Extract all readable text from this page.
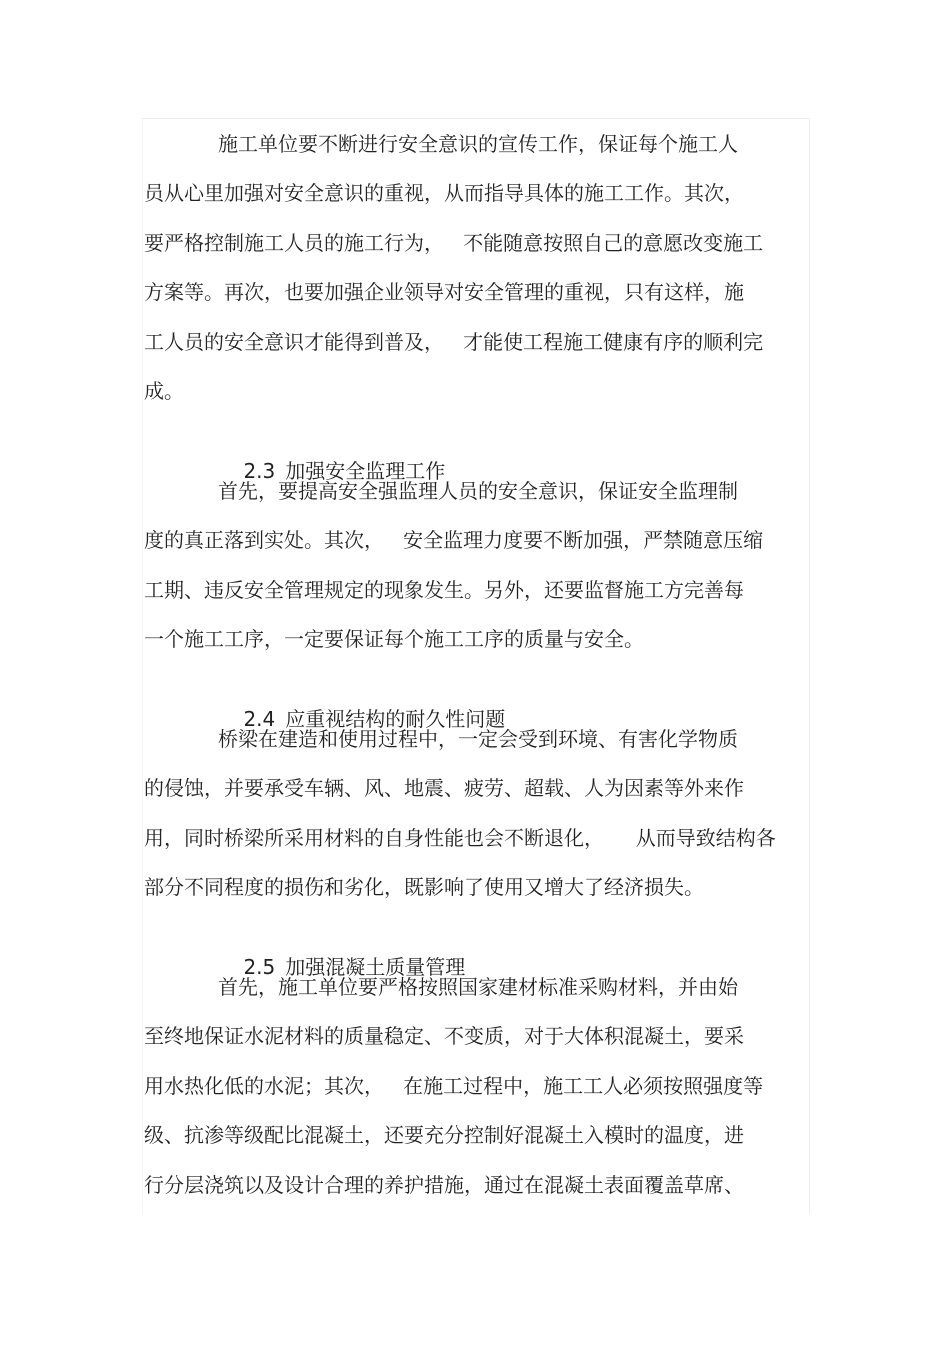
施工单位要不断进行安全意识的宣传工作，保证每个施工人
员从心里加强对安全意识的重视，从而指导具体的施工工作。其次，
要严格控制施工人员的施工行为，   不能随意按照自己的意愿改变施工
方案等。再次，也要加强企业领导对安全管理的重视，只有这样，施
工人员的安全意识才能得到普及，   才能使工程施工健康有序的顺利完
成。

2.3 加强安全监理工作

首先，要提高安全强监理人员的安全意识，保证安全监理制
度的真正落到实处。其次，   安全监理力度要不断加强，严禁随意压缩
工期、违反安全管理规定的现象发生。另外，还要监督施工方完善每
一个施工工序，一定要保证每个施工工序的质量与安全。

2.4 应重视结构的耐久性问题

桥梁在建造和使用过程中，一定会受到环境、有害化学物质
的侵蚀，并要承受车辆、风、地震、疲劳、超载、人为因素等外来作
用，同时桥梁所采用材料的自身性能也会不断退化，     从而导致结构各
部分不同程度的损伤和劣化，既影响了使用又增大了经济损失。

2.5 加强混凝土质量管理

首先，施工单位要严格按照国家建材标准采购材料，并由始
至终地保证水泥材料的质量稳定、不变质，对于大体积混凝土，要采
用水热化低的水泥；其次，   在施工过程中，施工工人必须按照强度等
级、抗渗等级配比混凝土，还要充分控制好混凝土入模时的温度，进
行分层浇筑以及设计合理的养护措施，通过在混凝土表面覆盖草席、
